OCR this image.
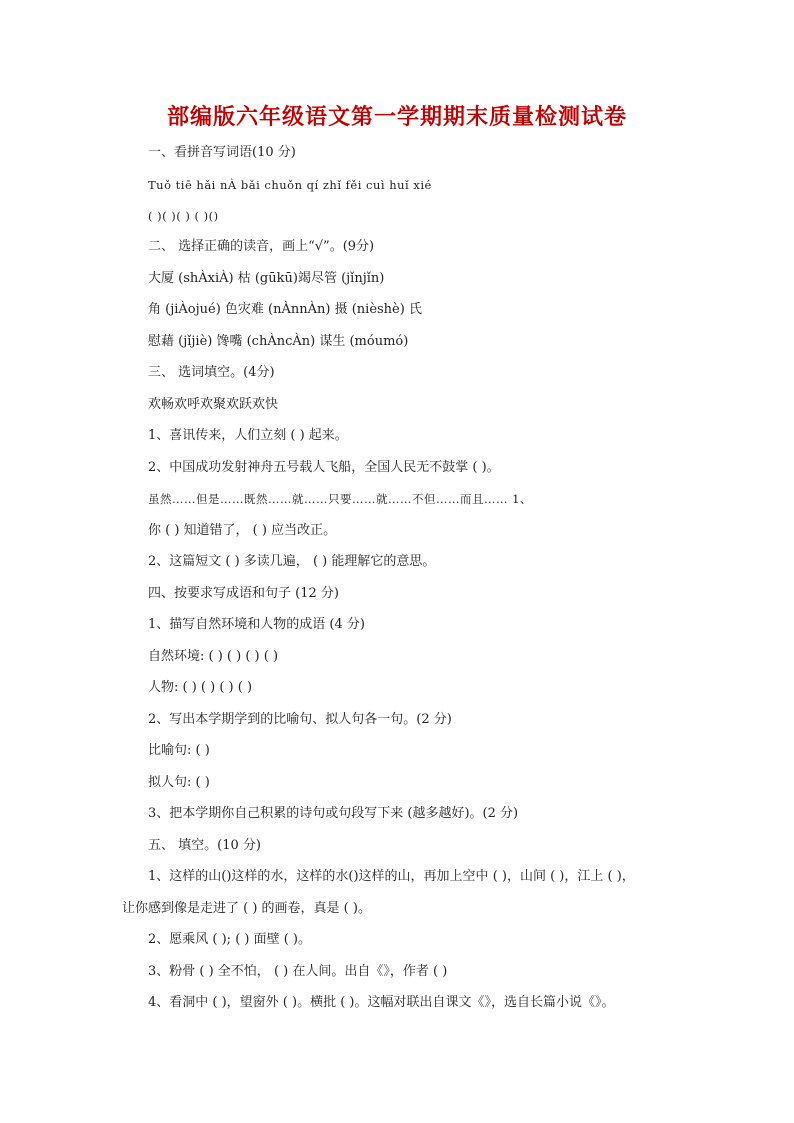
部编版六年级语文第一学期期末质量检测试卷
一、看拼音写词语(10 分)
Tuǒ tiē hǎi nÀ bǎi chuǒn qí zhǐ fěi cuì huǐ xié
( )( )( ) ( )()
二、 选择正确的读音，画上“√”。(9分)
大厦 (shÀxiÀ) 枯 (gūkū)竭尽管 (jǐnjǐn)
角 (jiÀojué) 色灾难 (nÀnnÀn) 摄 (nièshè) 氏
慰藉 (jǐjiè) 馋嘴 (chÀncÀn) 谋生 (móumó)
三、 选词填空。(4分)
欢畅欢呼欢聚欢跃欢快
1、喜讯传来，人们立刻 ( ) 起来。
2、中国成功发射神舟五号载人飞船，全国人民无不鼓掌 ( )。
虽然……但是……既然……就……只要……就……不但……而且…… 1、
你 ( ) 知道错了， ( ) 应当改正。
2、这篇短文 ( ) 多读几遍， ( ) 能理解它的意思。
四、按要求写成语和句子 (12 分)
1、描写自然环境和人物的成语 (4 分)
自然环境: ( ) ( ) ( ) ( )
人物: ( ) ( ) ( ) ( )
2、写出本学期学到的比喻句、拟人句各一句。(2 分)
比喻句: ( )
拟人句: ( )
3、把本学期你自己积累的诗句或句段写下来 (越多越好)。(2 分)
五、 填空。(10 分)
1、这样的山()这样的水，这样的水()这样的山，再加上空中 ( )，山间 ( )，江上 ( )，
让你感到像是走进了 ( ) 的画卷，真是 ( )。
2、愿乘风 ( ); ( ) 面壁 ( )。
3、粉骨 ( ) 全不怕， ( ) 在人间。出自《》，作者 ( )
4、看洞中 ( )，望窗外 ( )。横批 ( )。这幅对联出自课文《》，选自长篇小说《》。
